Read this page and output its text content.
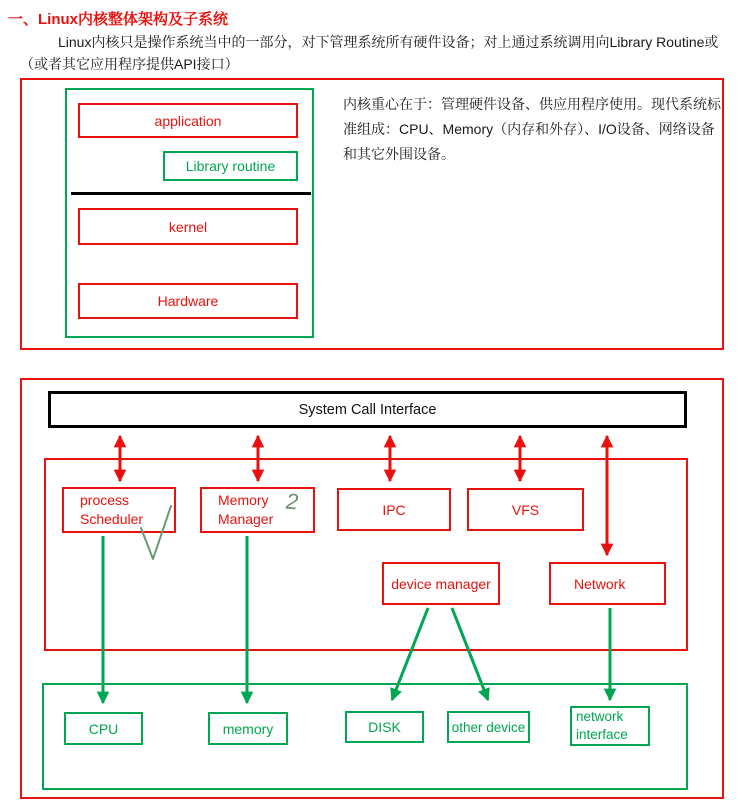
一、Linux内核整体架构及子系统
Linux内核只是操作系统当中的一部分，对下管理系统所有硬件设备；对上通过系统调用向Library Routine或（或者其它应用程序提供API接口）
application
Library routine
kernel
Hardware
内核重心在于：管理硬件设备、供应用程序使用。现代系统标准组成：CPU、Memory（内存和外存）、I/O设备、网络设备和其它外围设备。
System Call Interface
process
Scheduler
Memory
Manager
2	IPC	VFS
device manager	Network
CPU	memory	DISK	other device
network
interface
